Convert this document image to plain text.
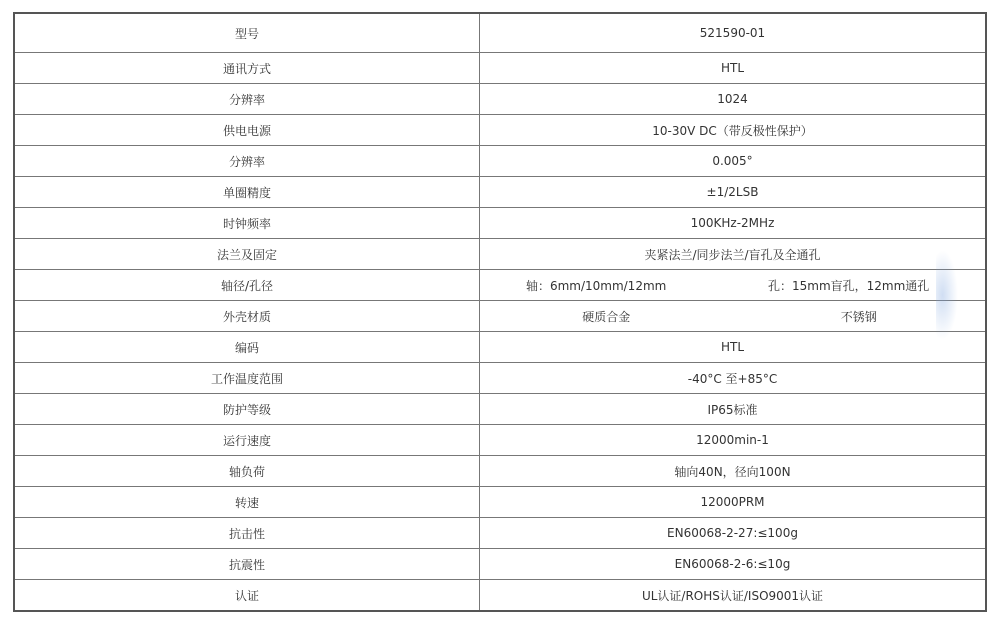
型号	521590-01
通讯方式	HTL
分辨率	1024
供电电源	10-30V DC（带反极性保护）
分辨率	0.005°
单圈精度	±1/2LSB
时钟频率	100KHz-2MHz
法兰及固定	夹紧法兰/同步法兰/盲孔及全通孔
轴径/孔径	轴：6mm/10mm/12mm 孔：15mm盲孔，12mm通孔

外壳材质	硬质合金 不锈钢

编码	HTL
工作温度范围	-40°C 至+85°C
防护等级	IP65标准
运行速度	12000min-1
轴负荷	轴向40N，径向100N
转速	12000PRM
抗击性	EN60068-2-27:≤100g
抗震性	EN60068-2-6:≤10g
认证	UL认证/ROHS认证/ISO9001认证
